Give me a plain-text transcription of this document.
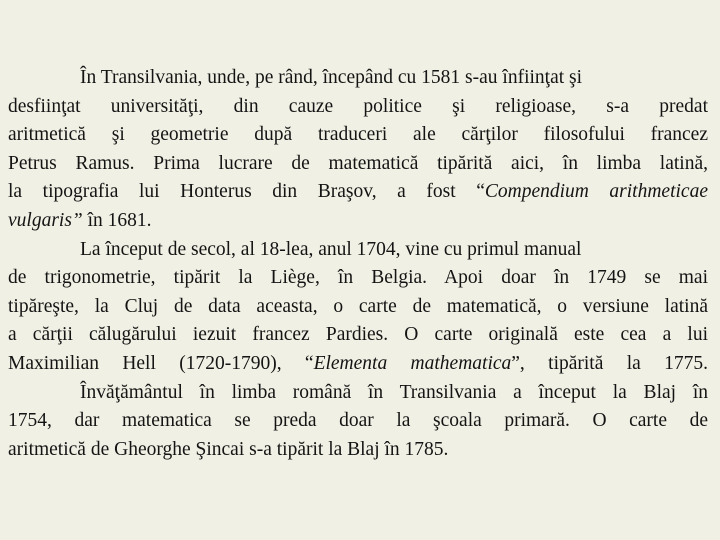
În Transilvania, unde, pe rând, începând cu 1581 s-au înfiinţat şi
desfiinţat universităţi, din cauze politice şi religioase, s-a predat
aritmetică şi geometrie după traduceri ale cărţilor filosofului francez
Petrus Ramus. Prima lucrare de matematică tipărită aici, în limba latină,
la tipografia lui Honterus din Braşov, a fost “Compendium arithmeticae
vulgaris” în 1681.
La început de secol, al 18-lea, anul 1704, vine cu primul manual
de trigonometrie, tipărit la Liège, în Belgia. Apoi doar în 1749 se mai
tipăreşte, la Cluj de data aceasta, o carte de matematică, o versiune latină
a cărţii călugărului iezuit francez Pardies. O carte originală este cea a lui
Maximilian Hell (1720-1790), “Elementa mathematica”, tipărită la 1775.
Învăţământul în limba română în Transilvania a început la Blaj în
1754, dar matematica se preda doar la şcoala primară. O carte de
aritmetică de Gheorghe Şincai s-a tipărit la Blaj în 1785.
